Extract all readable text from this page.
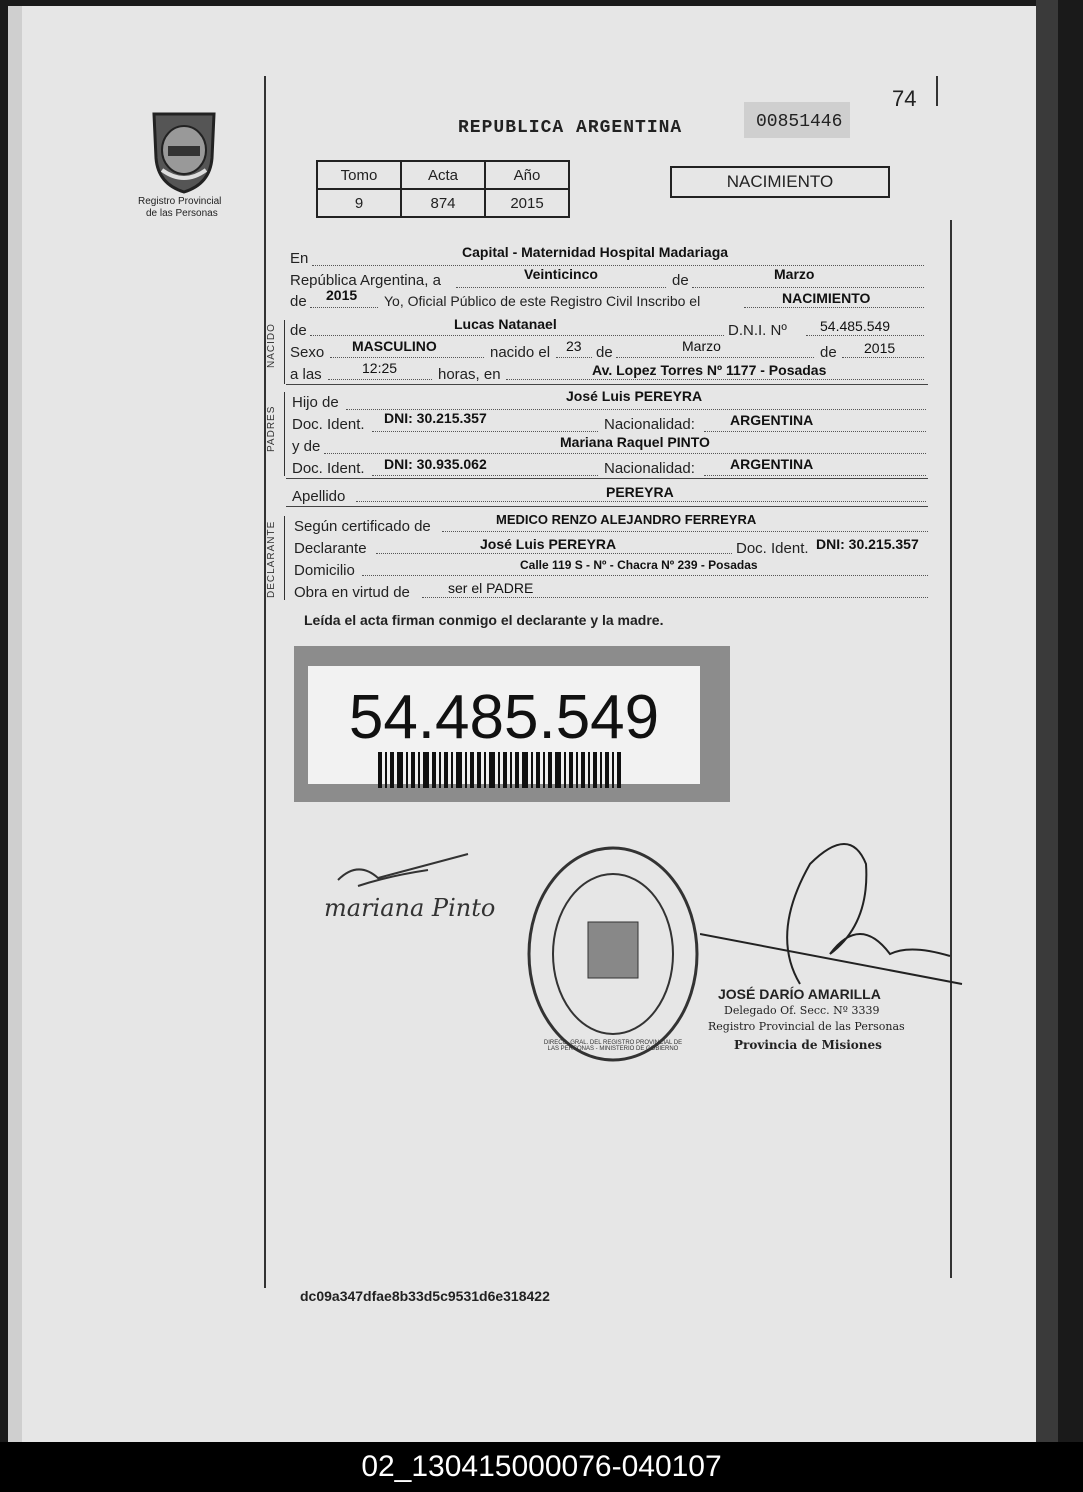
Registro Provincial
de las Personas
74
REPUBLICA ARGENTINA	00851446
Tomo	Acta	Año
9	874	2015
NACIMIENTO
En	Capital - Maternidad Hospital Madariaga
República Argentina, a	Veinticinco	de	Marzo
de 2015 Yo, Oficial Público de este Registro Civil Inscribo el	NACIMIENTO
NACIDO de	Lucas Natanael	D.N.I. Nº 54.485.549
Sexo MASCULINO	nacido el 23 de	Marzo	de 2015
a las	12:25	horas, en	Av. Lopez Torres Nº 1177 - Posadas
PADRES
Hijo de	José Luis PEREYRA
Doc. Ident. DNI: 30.215.357	Nacionalidad:	ARGENTINA
y de	Mariana Raquel PINTO
Doc. Ident. DNI: 30.935.062	Nacionalidad:	ARGENTINA
Apellido	PEREYRA
DECLARANTE Según certificado de	MEDICO RENZO ALEJANDRO FERREYRA
Declarante	José Luis PEREYRA	Doc. Ident. DNI: 30.215.357
Domicilio	Calle 119 S - Nº - Chacra Nº 239 - Posadas
Obra en virtud de	ser el PADRE
Leída el acta firman conmigo el declarante y la madre.
54.485.549
mariana Pinto
DIRECC. GRAL. DEL REGISTRO PROVINCIAL DE LAS PERSONAS - MINISTERIO DE GOBIERNO
JOSÉ DARÍO AMARILLA
Delegado Of. Secc. Nº 3339
Registro Provincial de las Personas
Provincia de Misiones
dc09a347dfae8b33d5c9531d6e318422
02_130415000076-040107
